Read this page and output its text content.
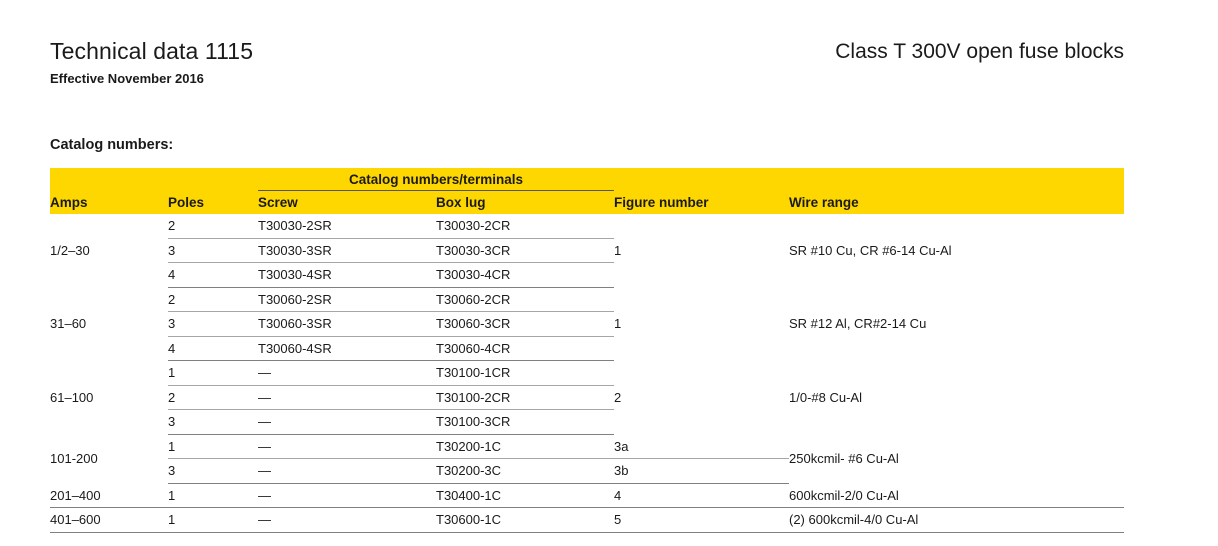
Technical data 1115
Effective November 2016
Class T 300V open fuse blocks
Catalog numbers:
		Catalog numbers/terminals			
Amps	Poles	Screw	Box lug	Figure number	Wire range
1/2–30	2	T30030-2SR	T30030-2CR	1	SR #10 Cu, CR #6-14 Cu-Al
	3	T30030-3SR	T30030-3CR		
	4	T30030-4SR	T30030-4CR		
31–60	2	T30060-2SR	T30060-2CR	1	SR #12 Al, CR#2-14 Cu
	3	T30060-3SR	T30060-3CR		
	4	T30060-4SR	T30060-4CR		
61–100	1	—	T30100-1CR	2	1/0-#8 Cu-Al
	2	—	T30100-2CR		
	3	—	T30100-3CR		
101-200	1	—	T30200-1C	3a	250kcmil- #6 Cu-Al
	3	—	T30200-3C	3b	
201–400	1	—	T30400-1C	4	600kcmil-2/0 Cu-Al
401–600	1	—	T30600-1C	5	(2) 600kcmil-4/0 Cu-Al
